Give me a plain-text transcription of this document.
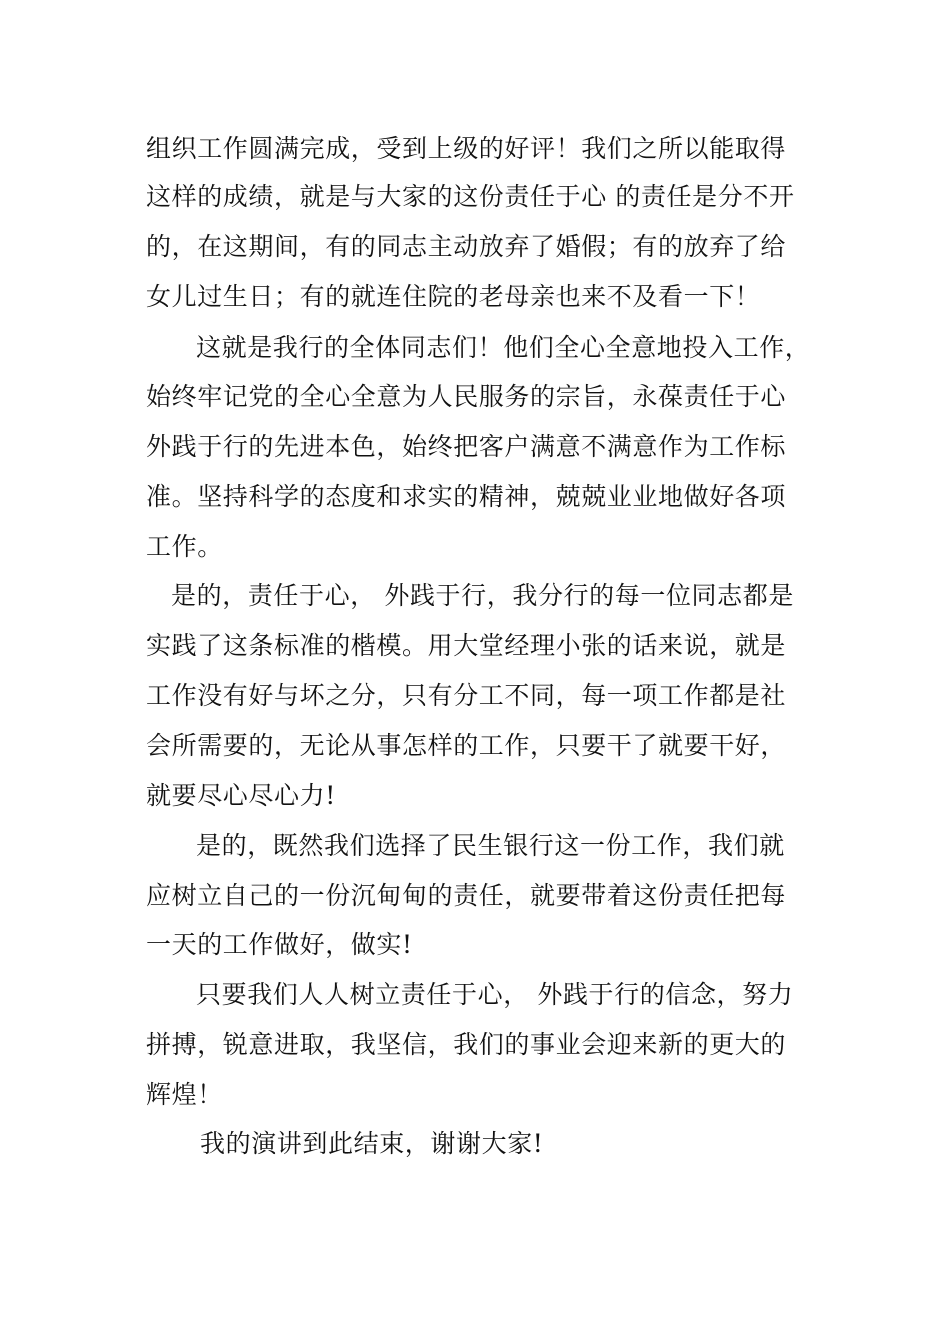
组织工作圆满完成，受到上级的好评！我们之所以能取得
这样的成绩，就是与大家的这份责任于心 的责任是分不开
的，在这期间，有的同志主动放弃了婚假；有的放弃了给
女儿过生日；有的就连住院的老母亲也来不及看一下！
这就是我行的全体同志们！他们全心全意地投入工作，
始终牢记党的全心全意为人民服务的宗旨，永葆责任于心
外践于行的先进本色，始终把客户满意不满意作为工作标
准。坚持科学的态度和求实的精神，兢兢业业地做好各项
工作。
是的，责任于心， 外践于行，我分行的每一位同志都是
实践了这条标准的楷模。用大堂经理小张的话来说，就是
工作没有好与坏之分，只有分工不同，每一项工作都是社
会所需要的，无论从事怎样的工作，只要干了就要干好，
就要尽心尽心力!
是的，既然我们选择了民生银行这一份工作，我们就
应树立自己的一份沉甸甸的责任，就要带着这份责任把每
一天的工作做好，做实!
只要我们人人树立责任于心， 外践于行的信念，努力
拼搏，锐意进取，我坚信，我们的事业会迎来新的更大的
辉煌！
我的演讲到此结束，谢谢大家!
